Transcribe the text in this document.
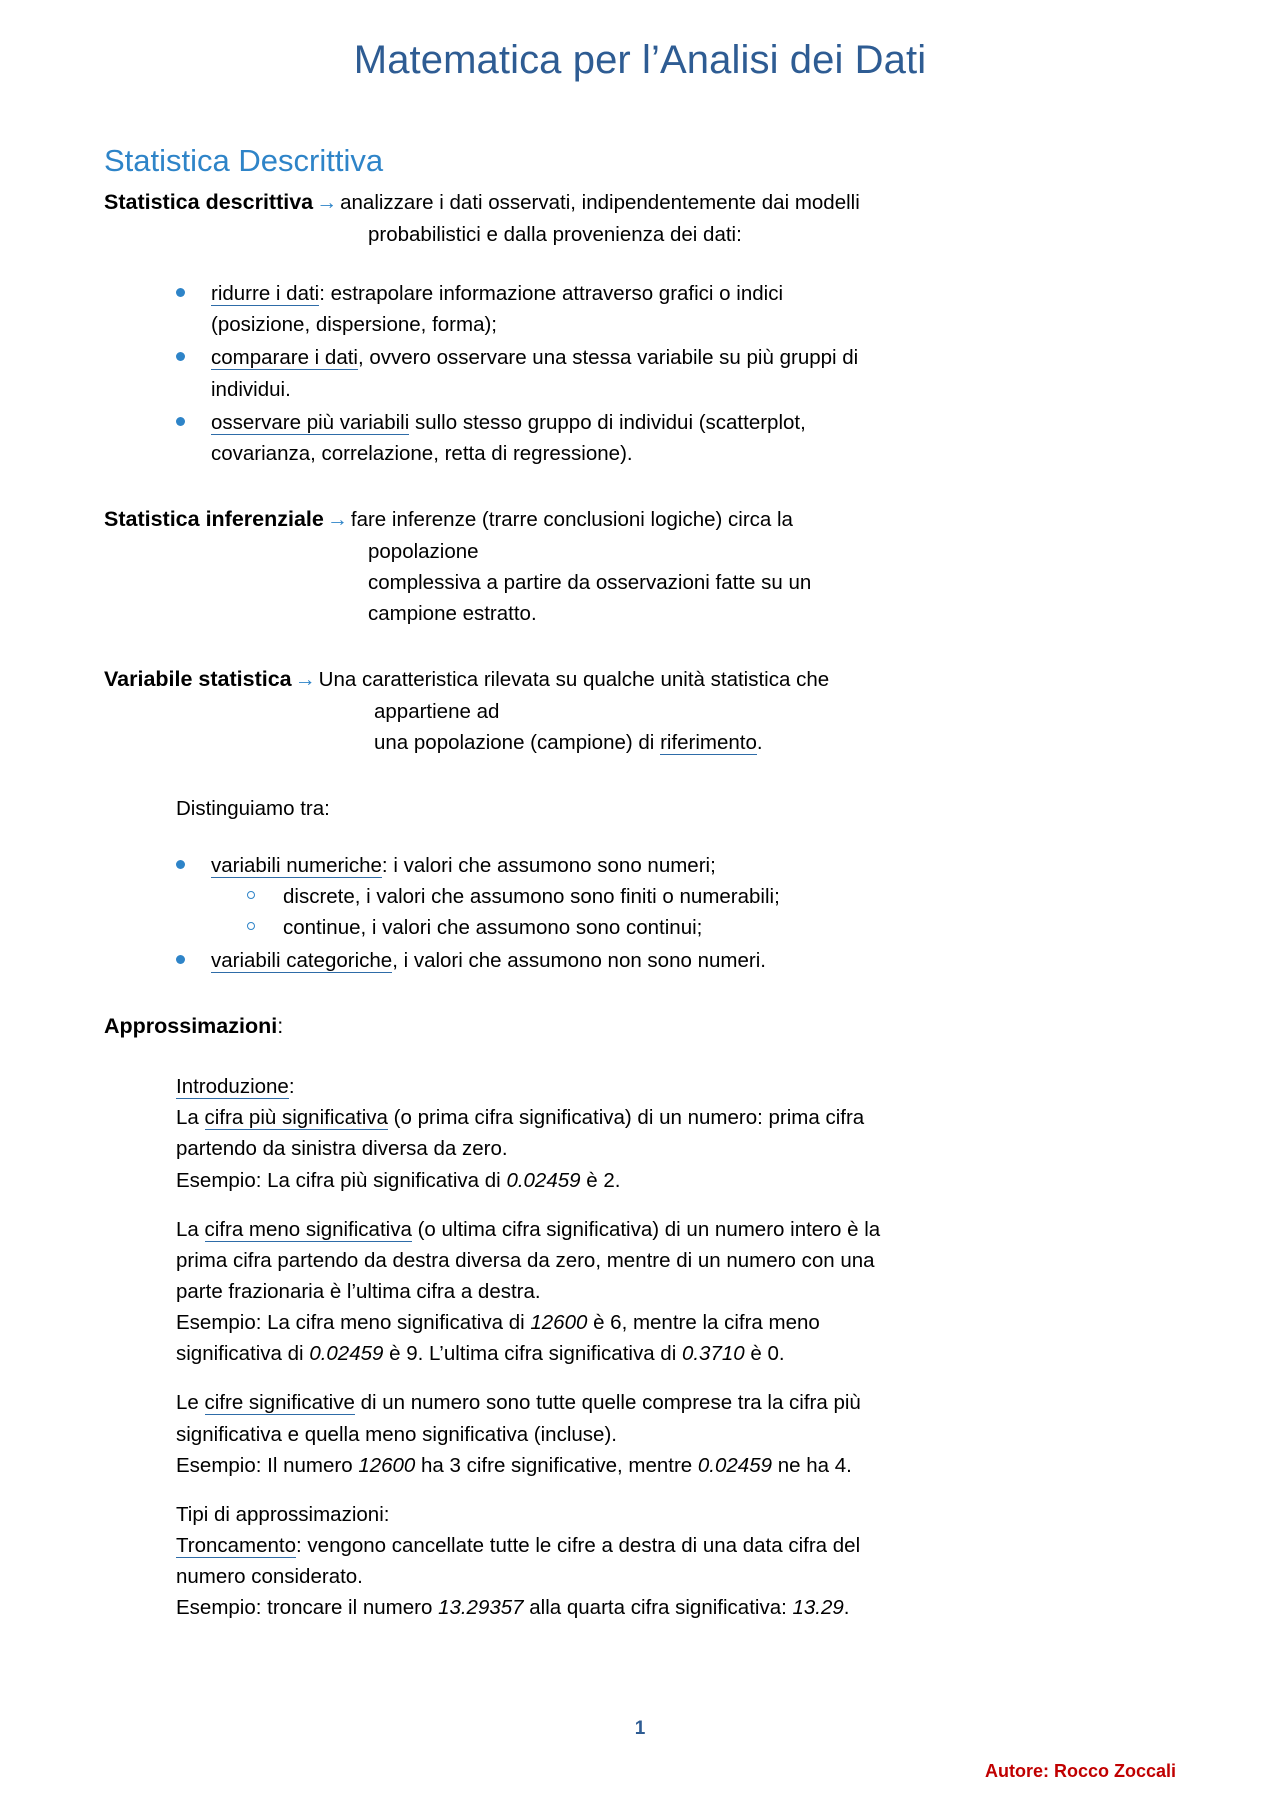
Matematica per l’Analisi dei Dati
Statistica Descrittiva
Statistica descrittiva → analizzare i dati osservati, indipendentemente dai modelli
probabilistici e dalla provenienza dei dati:
ridurre i dati: estrapolare informazione attraverso grafici o indici
(posizione, dispersione, forma);
comparare i dati, ovvero osservare una stessa variabile su più gruppi di
individui.
osservare più variabili sullo stesso gruppo di individui (scatterplot,
covarianza, correlazione, retta di regressione).
Statistica inferenziale → fare inferenze (trarre conclusioni logiche) circa la
popolazione
complessiva a partire da osservazioni fatte su un
campione estratto.
Variabile statistica → Una caratteristica rilevata su qualche unità statistica che
appartiene ad
una popolazione (campione) di riferimento.

Distinguiamo tra:

variabili numeriche: i valori che assumono sono numeri;
discrete, i valori che assumono sono finiti o numerabili;
continue, i valori che assumono sono continui;
variabili categoriche, i valori che assumono non sono numeri.
Approssimazioni:

Introduzione:

La cifra più significativa (o prima cifra significativa) di un numero: prima cifra

partendo da sinistra diversa da zero.

Esempio: La cifra più significativa di 0.02459 è 2.

La cifra meno significativa (o ultima cifra significativa) di un numero intero è la

prima cifra partendo da destra diversa da zero, mentre di un numero con una

parte frazionaria è l’ultima cifra a destra.

Esempio: La cifra meno significativa di 12600 è 6, mentre la cifra meno

significativa di 0.02459 è 9. L’ultima cifra significativa di 0.3710 è 0.

Le cifre significative di un numero sono tutte quelle comprese tra la cifra più

significativa e quella meno significativa (incluse).

Esempio: Il numero 12600 ha 3 cifre significative, mentre 0.02459 ne ha 4.

Tipi di approssimazioni:

Troncamento: vengono cancellate tutte le cifre a destra di una data cifra del

numero considerato.

Esempio: troncare il numero 13.29357 alla quarta cifra significativa: 13.29.

1
Autore: Rocco Zoccali
